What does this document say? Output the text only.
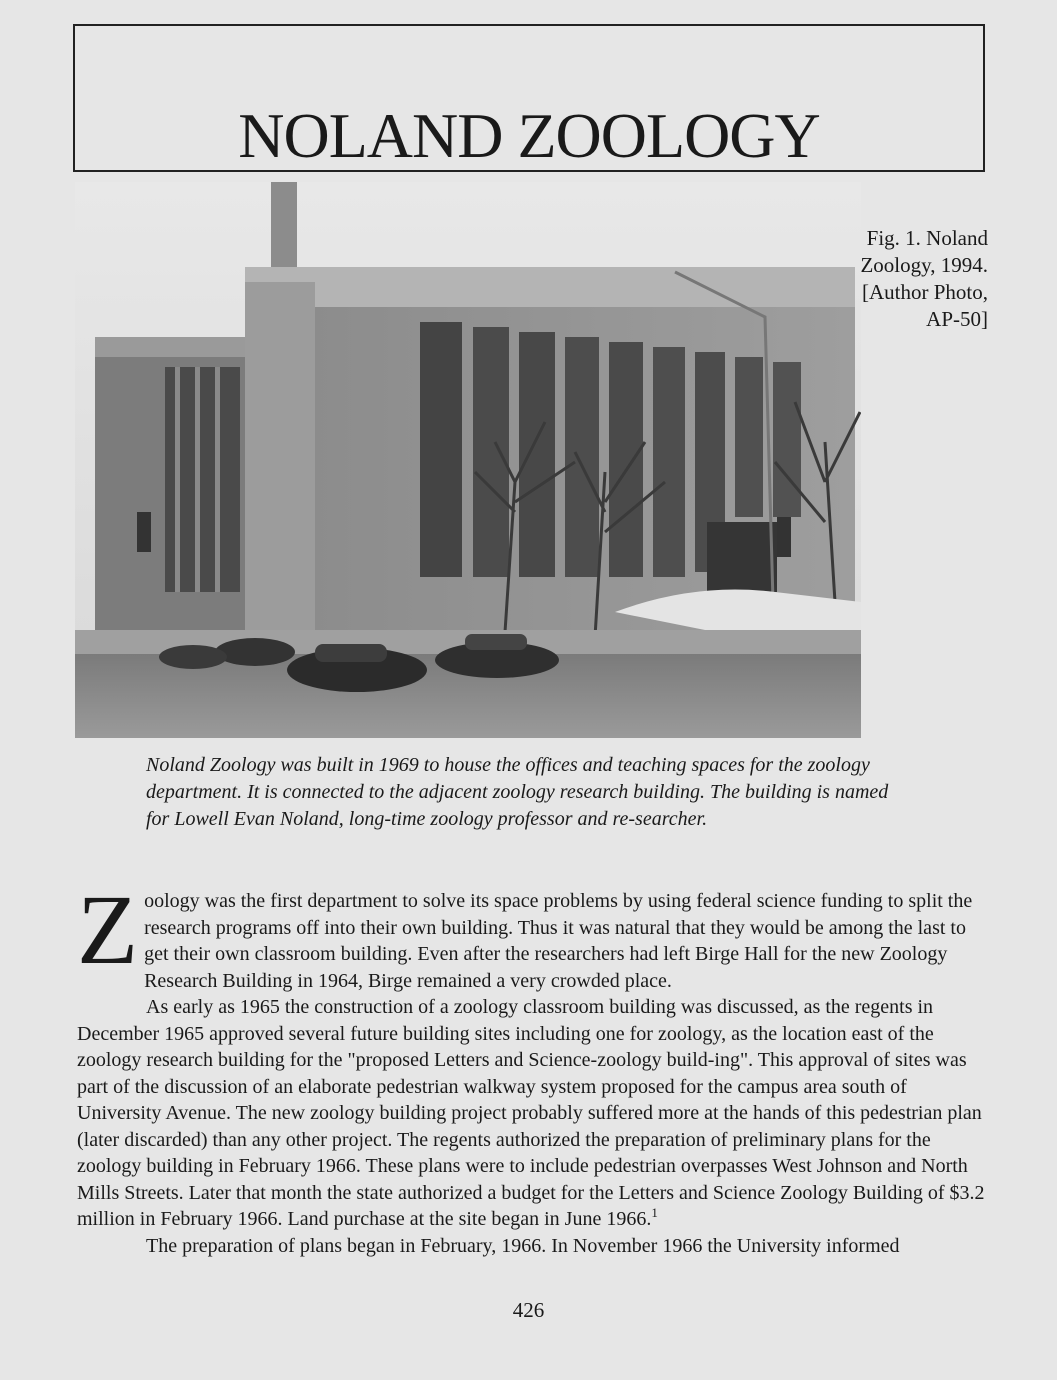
NOLAND ZOOLOGY
Fig. 1. Noland
Zoology, 1994.
[Author Photo,
AP-50]

Noland Zoology was built in 1969 to house the offices and teaching spaces for the zoology department. It is connected to the adjacent zoology research building. The building is named for Lowell Evan Noland, long-time zoology professor and re-searcher.

Zoology was the first department to solve its space problems by using federal science funding to split the research programs off into their own building. Thus it was natural that they would be among the last to get their own classroom building. Even after the researchers had left Birge Hall for the new Zoology Research Building in 1964, Birge remained a very crowded place.

As early as 1965 the construction of a zoology classroom building was discussed, as the regents in December 1965 approved several future building sites including one for zoology, as the location east of the zoology research building for the "proposed Letters and Science-zoology build-ing". This approval of sites was part of the discussion of an elaborate pedestrian walkway system proposed for the campus area south of University Avenue. The new zoology building project probably suffered more at the hands of this pedestrian plan (later discarded) than any other project. The regents authorized the preparation of preliminary plans for the zoology building in February 1966. These plans were to include pedestrian overpasses West Johnson and North Mills Streets. Later that month the state authorized a budget for the Letters and Science Zoology Building of $3.2 million in February 1966. Land purchase at the site began in June 1966.$^1$

The preparation of plans began in February, 1966. In November 1966 the University informed

426
